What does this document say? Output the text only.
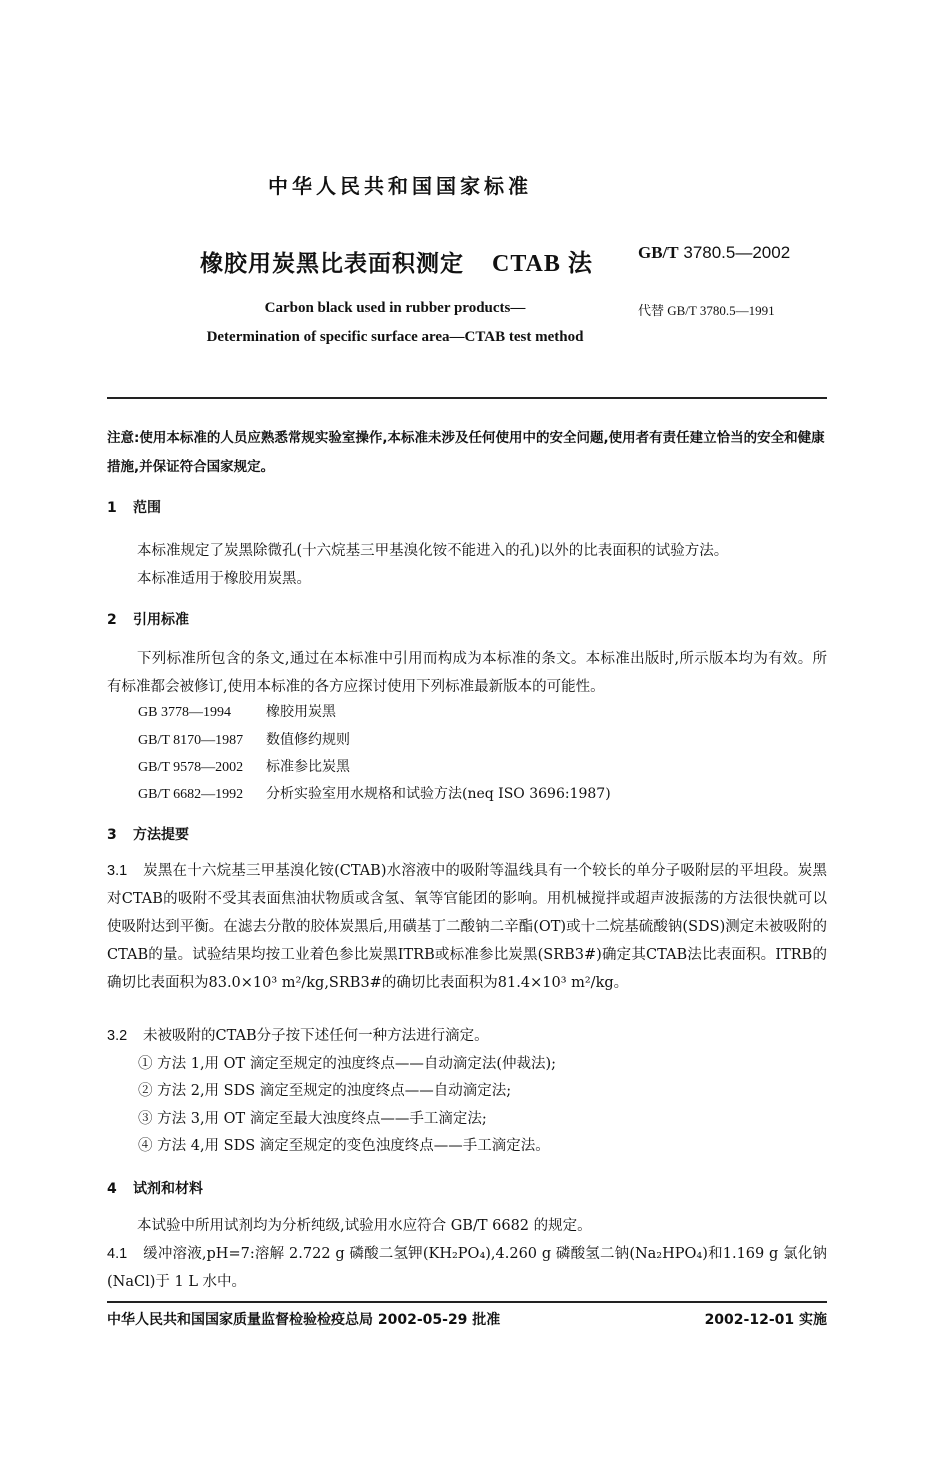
中华人民共和国国家标准
橡胶用炭黑比表面积测定 CTAB 法	GB/T 3780.5—2002
Carbon black used in rubber products—
Determination of specific surface area—CTAB test method
代替 GB/T 3780.5—1991
注意:使用本标准的人员应熟悉常规实验室操作,本标准未涉及任何使用中的安全问题,使用者有责任建立恰当的安全和健康措施,并保证符合国家规定。
1 范围
本标准规定了炭黑除微孔(十六烷基三甲基溴化铵不能进入的孔)以外的比表面积的试验方法。
本标准适用于橡胶用炭黑。
2 引用标准
下列标准所包含的条文,通过在本标准中引用而构成为本标准的条文。本标准出版时,所示版本均为有效。所有标准都会被修订,使用本标准的各方应探讨使用下列标准最新版本的可能性。
GB 3778—1994	橡胶用炭黑
GB/T 8170—1987 数值修约规则
GB/T 9578—2002 标准参比炭黑
GB/T 6682—1992 分析实验室用水规格和试验方法(neq ISO 3696:1987)
3 方法提要
3.1 炭黑在十六烷基三甲基溴化铵(CTAB)水溶液中的吸附等温线具有一个较长的单分子吸附层的平坦段。炭黑对CTAB的吸附不受其表面焦油状物质或含氢、氧等官能团的影响。用机械搅拌或超声波振荡的方法很快就可以使吸附达到平衡。在滤去分散的胶体炭黑后,用磺基丁二酸钠二辛酯(OT)或十二烷基硫酸钠(SDS)测定未被吸附的CTAB的量。试验结果均按工业着色参比炭黑ITRB或标准参比炭黑(SRB3#)确定其CTAB法比表面积。ITRB的确切比表面积为83.0×10³ m²/kg,SRB3#的确切比表面积为81.4×10³ m²/kg。
3.2 未被吸附的CTAB分子按下述任何一种方法进行滴定。
① 方法 1,用 OT 滴定至规定的浊度终点——自动滴定法(仲裁法);
② 方法 2,用 SDS 滴定至规定的浊度终点——自动滴定法;
③ 方法 3,用 OT 滴定至最大浊度终点——手工滴定法;
④ 方法 4,用 SDS 滴定至规定的变色浊度终点——手工滴定法。
4 试剂和材料
本试验中所用试剂均为分析纯级,试验用水应符合 GB/T 6682 的规定。
4.1 缓冲溶液,pH=7:溶解 2.722 g 磷酸二氢钾(KH₂PO₄),4.260 g 磷酸氢二钠(Na₂HPO₄)和1.169 g 氯化钠(NaCl)于 1 L 水中。
中华人民共和国国家质量监督检验检疫总局 2002-05-29 批准	2002-12-01 实施
